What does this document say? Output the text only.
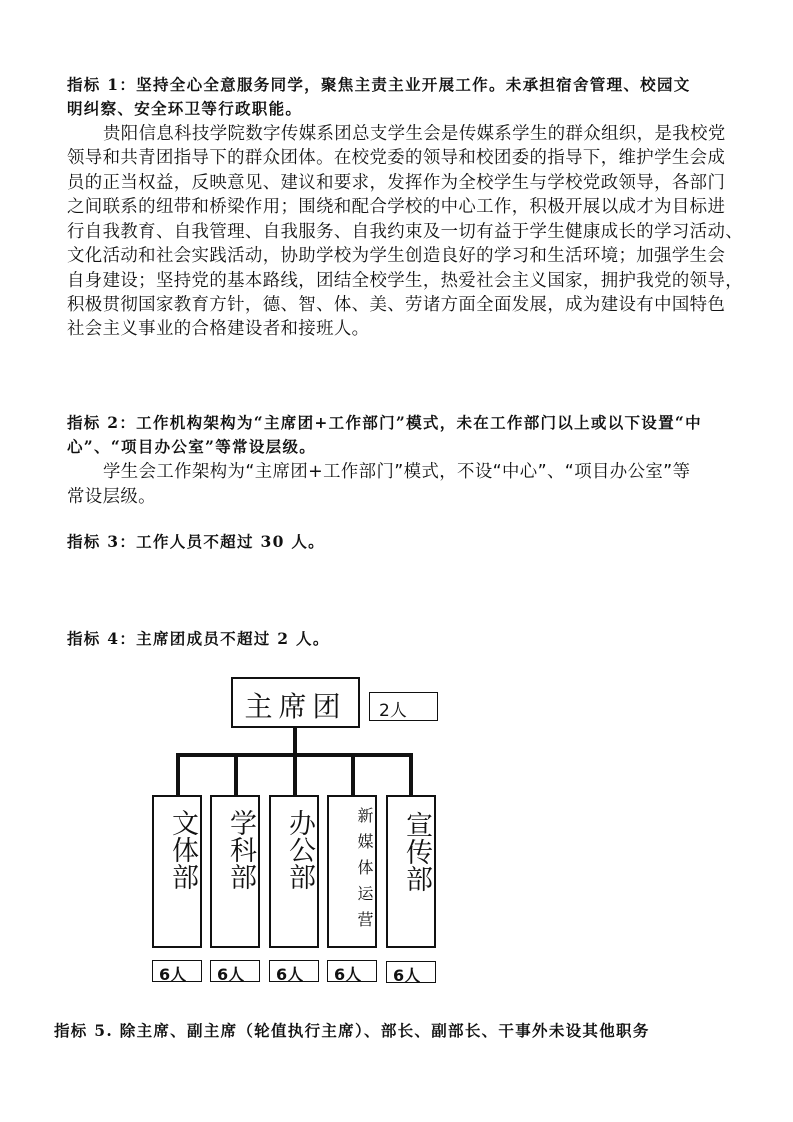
指标 1：坚持全心全意服务同学，聚焦主责主业开展工作。未承担宿舍管理、校园文
明纠察、安全环卫等行政职能。
贵阳信息科技学院数字传媒系团总支学生会是传媒系学生的群众组织，是我校党
领导和共青团指导下的群众团体。在校党委的领导和校团委的指导下，维护学生会成
员的正当权益，反映意见、建议和要求，发挥作为全校学生与学校党政领导，各部门
之间联系的纽带和桥梁作用；围绕和配合学校的中心工作，积极开展以成才为目标进
行自我教育、自我管理、自我服务、自我约束及一切有益于学生健康成长的学习活动、
文化活动和社会实践活动，协助学校为学生创造良好的学习和生活环境；加强学生会
自身建设；坚持党的基本路线，团结全校学生，热爱社会主义国家，拥护我党的领导，
积极贯彻国家教育方针，德、智、体、美、劳诸方面全面发展，成为建设有中国特色
社会主义事业的合格建设者和接班人。
指标 2：工作机构架构为“主席团+工作部门”模式，未在工作部门以上或以下设置“中
心”、“项目办公室”等常设层级。
学生会工作架构为“主席团+工作部门”模式，不设“中心”、“项目办公室”等
常设层级。
指标 3：工作人员不超过 30 人。
指标 4：主席团成员不超过 2 人。
主席团	2人
文体部	学科部	办公部	新媒体运营	宣传部
6人 6人 6人 6人 6人
指标 5. 除主席、副主席（轮值执行主席）、部长、副部长、干事外未设其他职务
